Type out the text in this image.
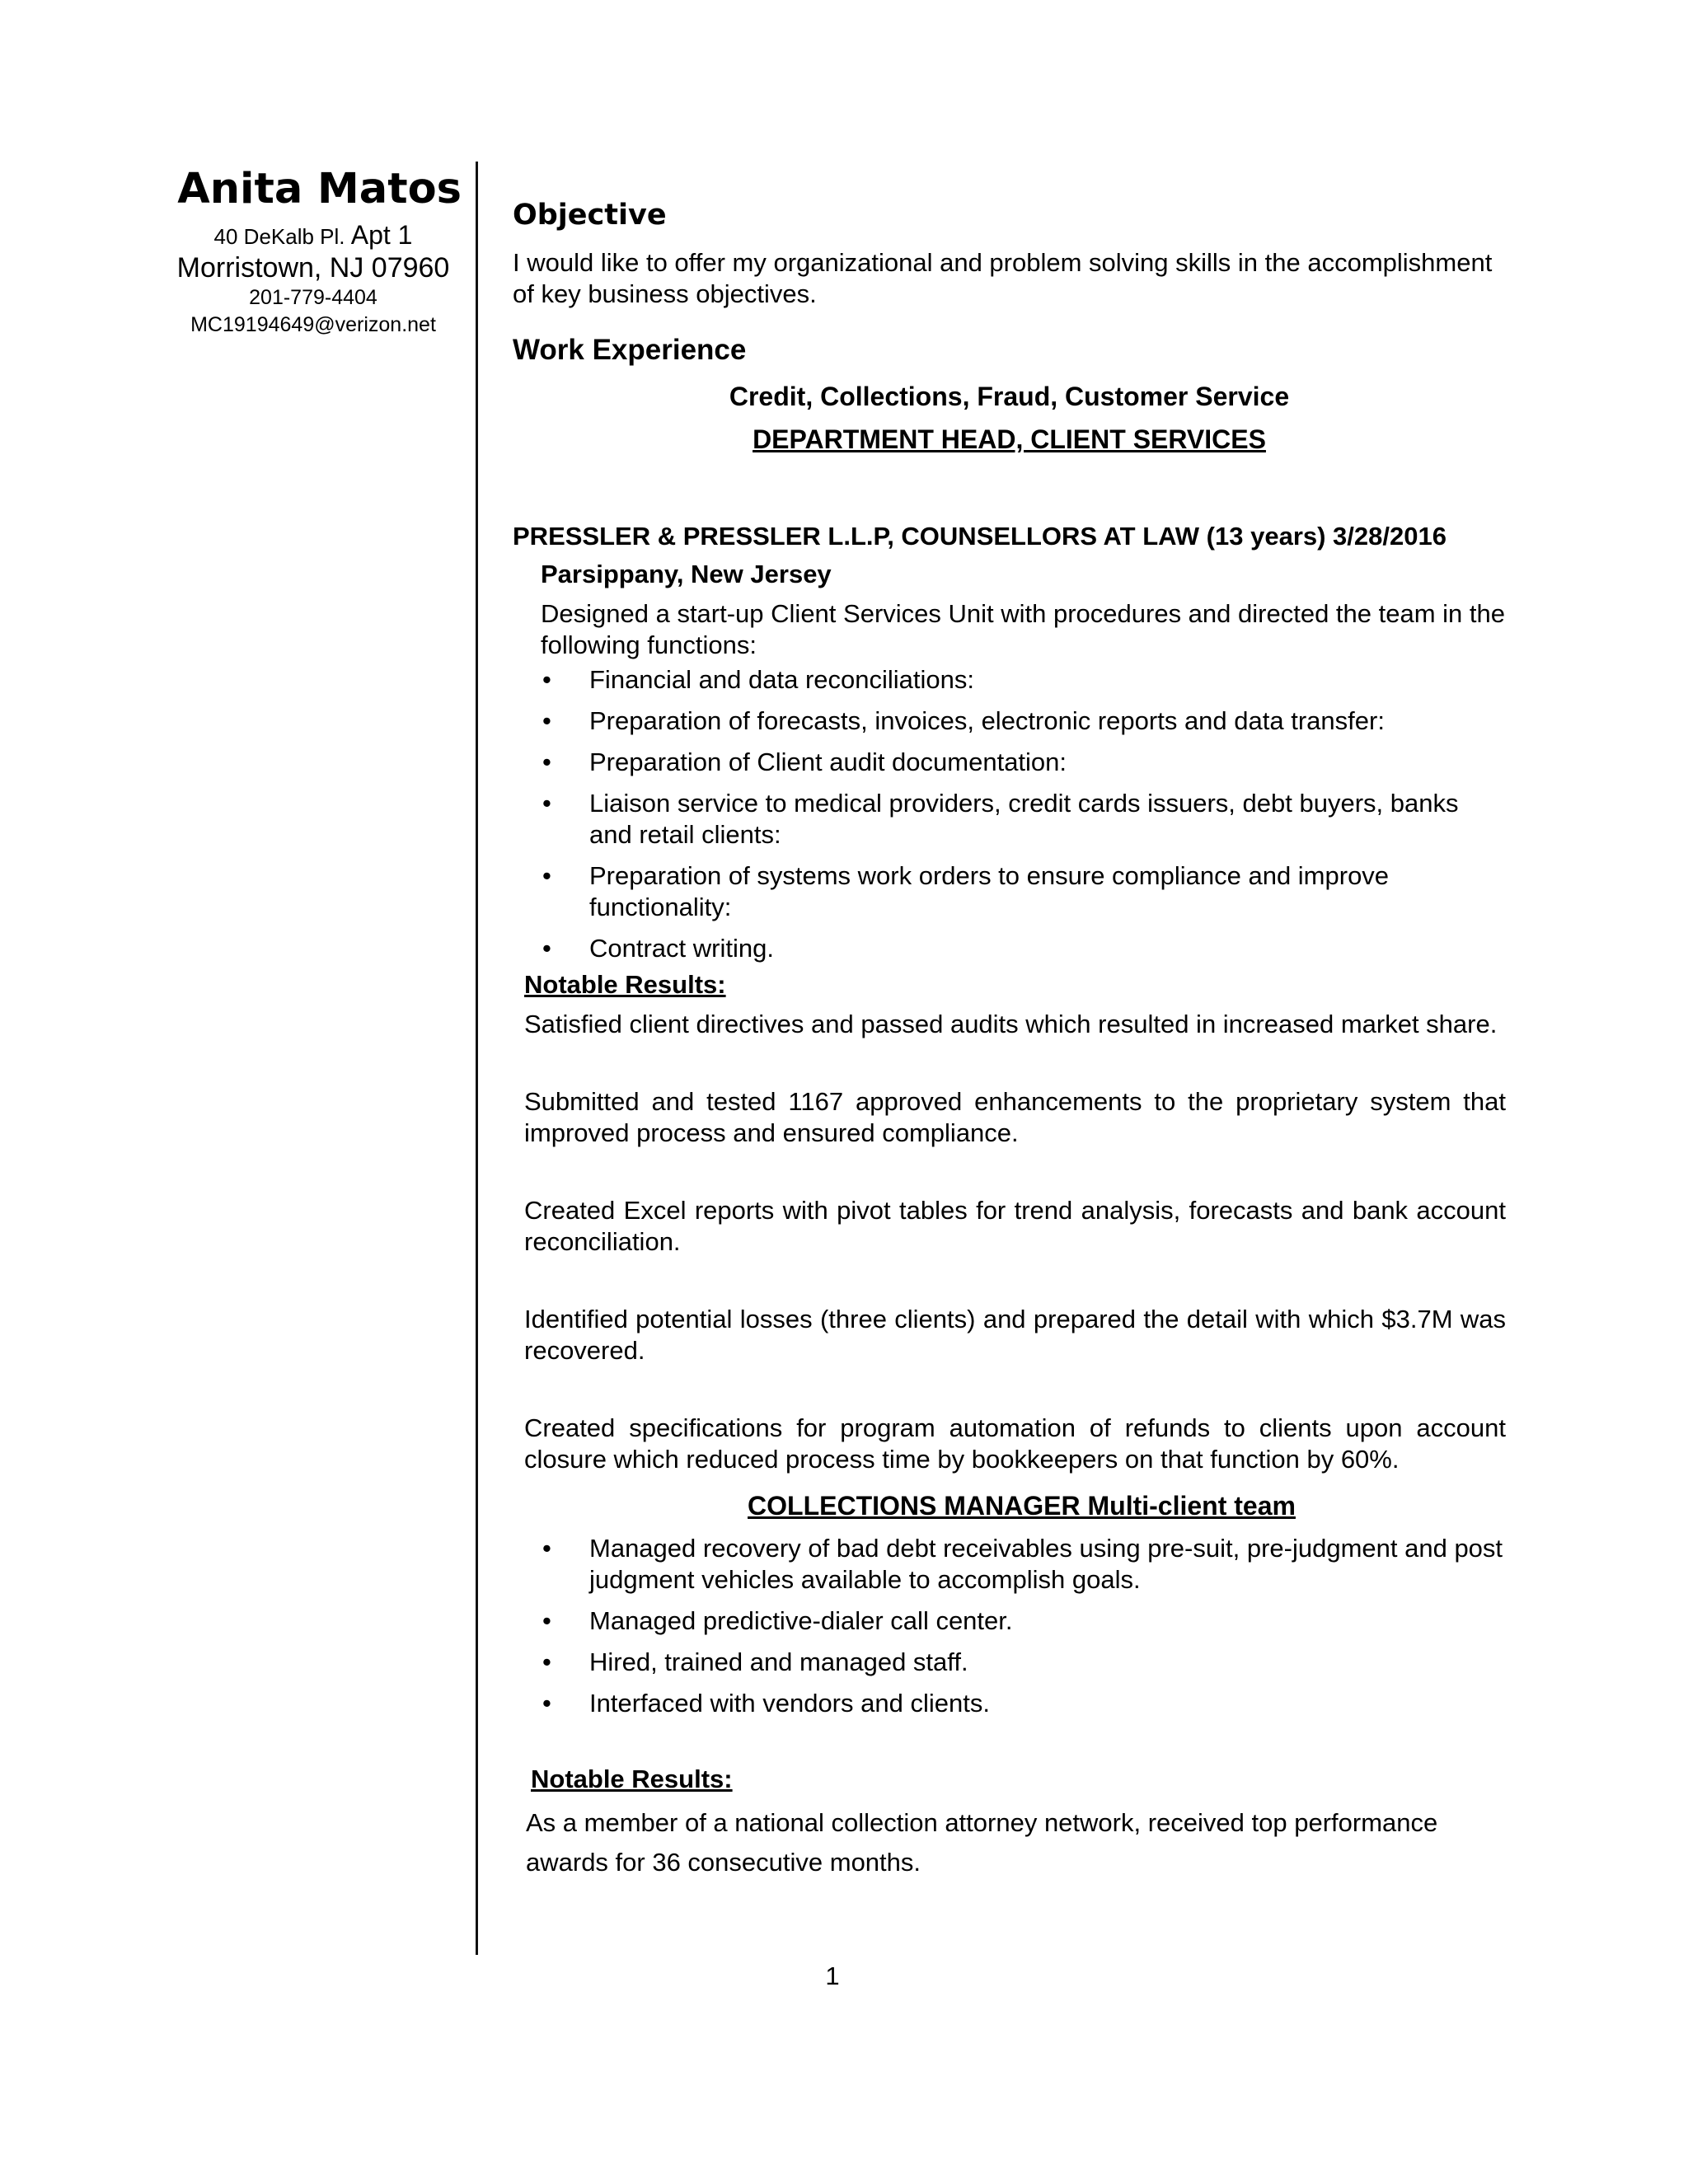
Anita Matos
40 DeKalb Pl. Apt 1
Morristown, NJ 07960
201-779-4404
MC19194649@verizon.net
Objective

I would like to offer my organizational and problem solving skills in the accomplishment of key business objectives.

Work Experience

Credit, Collections, Fraud, Customer Service

DEPARTMENT HEAD, CLIENT SERVICES

PRESSLER & PRESSLER L.L.P, COUNSELLORS AT LAW (13 years) 3/28/2016
Parsippany, New Jersey
Designed a start-up Client Services Unit with procedures and directed the team in the following functions:
• Financial and data reconciliations:
• Preparation of forecasts, invoices, electronic reports and data transfer:
• Preparation of Client audit documentation:
• Liaison service to medical providers, credit cards issuers, debt buyers, banks and retail clients:
• Preparation of systems work orders to ensure compliance and improve functionality:
• Contract writing.
Notable Results:
Satisfied client directives and passed audits which resulted in increased market share.
Submitted and tested 1167 approved enhancements to the proprietary system that improved process and ensured compliance.
Created Excel reports with pivot tables for trend analysis, forecasts and bank account reconciliation.
Identified potential losses (three clients) and prepared the detail with which $3.7M was recovered.
Created specifications for program automation of refunds to clients upon account closure which reduced process time by bookkeepers on that function by 60%.
COLLECTIONS MANAGER Multi-client team
• Managed recovery of bad debt receivables using pre-suit, pre-judgment and post judgment vehicles available to accomplish goals.
• Managed predictive-dialer call center.
• Hired, trained and managed staff.
• Interfaced with vendors and clients.
Notable Results:
As a member of a national collection attorney network, received top performance awards for 36 consecutive months.
1
